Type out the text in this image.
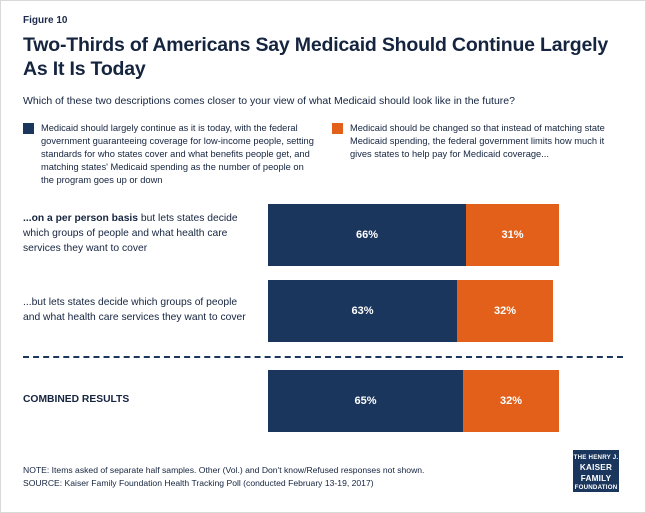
Figure 10
Two-Thirds of Americans Say Medicaid Should Continue Largely As It Is Today
Which of these two descriptions comes closer to your view of what Medicaid should look like in the future?
Medicaid should largely continue as it is today, with the federal government guaranteeing coverage for low-income people, setting standards for who states cover and what benefits people get, and matching states' Medicaid spending as the number of people on the program goes up or down
Medicaid should be changed so that instead of matching state Medicaid spending, the federal government limits how much it gives states to help pay for Medicaid coverage...
...on a per person basis but lets states decide which groups of people and what health care services they want to cover
66%	31%
...but lets states decide which groups of people and what health care services they want to cover
63%	32%
COMBINED RESULTS	65%	32%
NOTE: Items asked of separate half samples. Other (Vol.) and Don't know/Refused responses not shown.
SOURCE: Kaiser Family Foundation Health Tracking Poll (conducted February 13-19, 2017)
THE HENRY J.
KAISER
FAMILY
FOUNDATION
